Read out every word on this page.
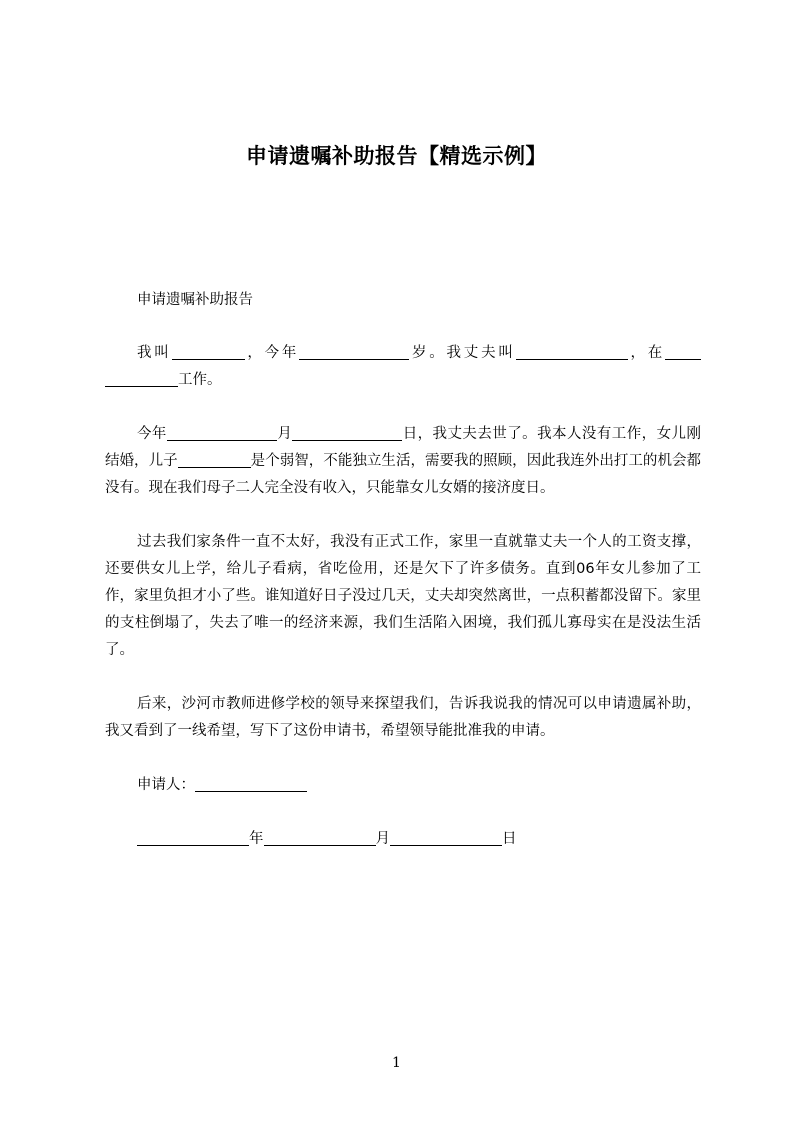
申请遗嘱补助报告【精选示例】

申请遗嘱补助报告

我叫	，今年	岁。我丈夫叫	，在工作。

今年	月	日，我丈夫去世了。我本人没有工作，女儿刚结婚，儿子	是个弱智，不能独立生活，需要我的照顾，因此我连外出打工的机会都没有。现在我们母子二人完全没有收入，只能靠女儿女婿的接济度日。

过去我们家条件一直不太好，我没有正式工作，家里一直就靠丈夫一个人的工资支撑，还要供女儿上学，给儿子看病，省吃俭用，还是欠下了许多债务。直到06年女儿参加了工作，家里负担才小了些。谁知道好日子没过几天，丈夫却突然离世，一点积蓄都没留下。家里的支柱倒塌了，失去了唯一的经济来源，我们生活陷入困境，我们孤儿寡母实在是没法生活了。

后来，沙河市教师进修学校的领导来探望我们，告诉我说我的情况可以申请遗属补助，我又看到了一线希望，写下了这份申请书，希望领导能批准我的申请。

申请人：

年	月	日

1
